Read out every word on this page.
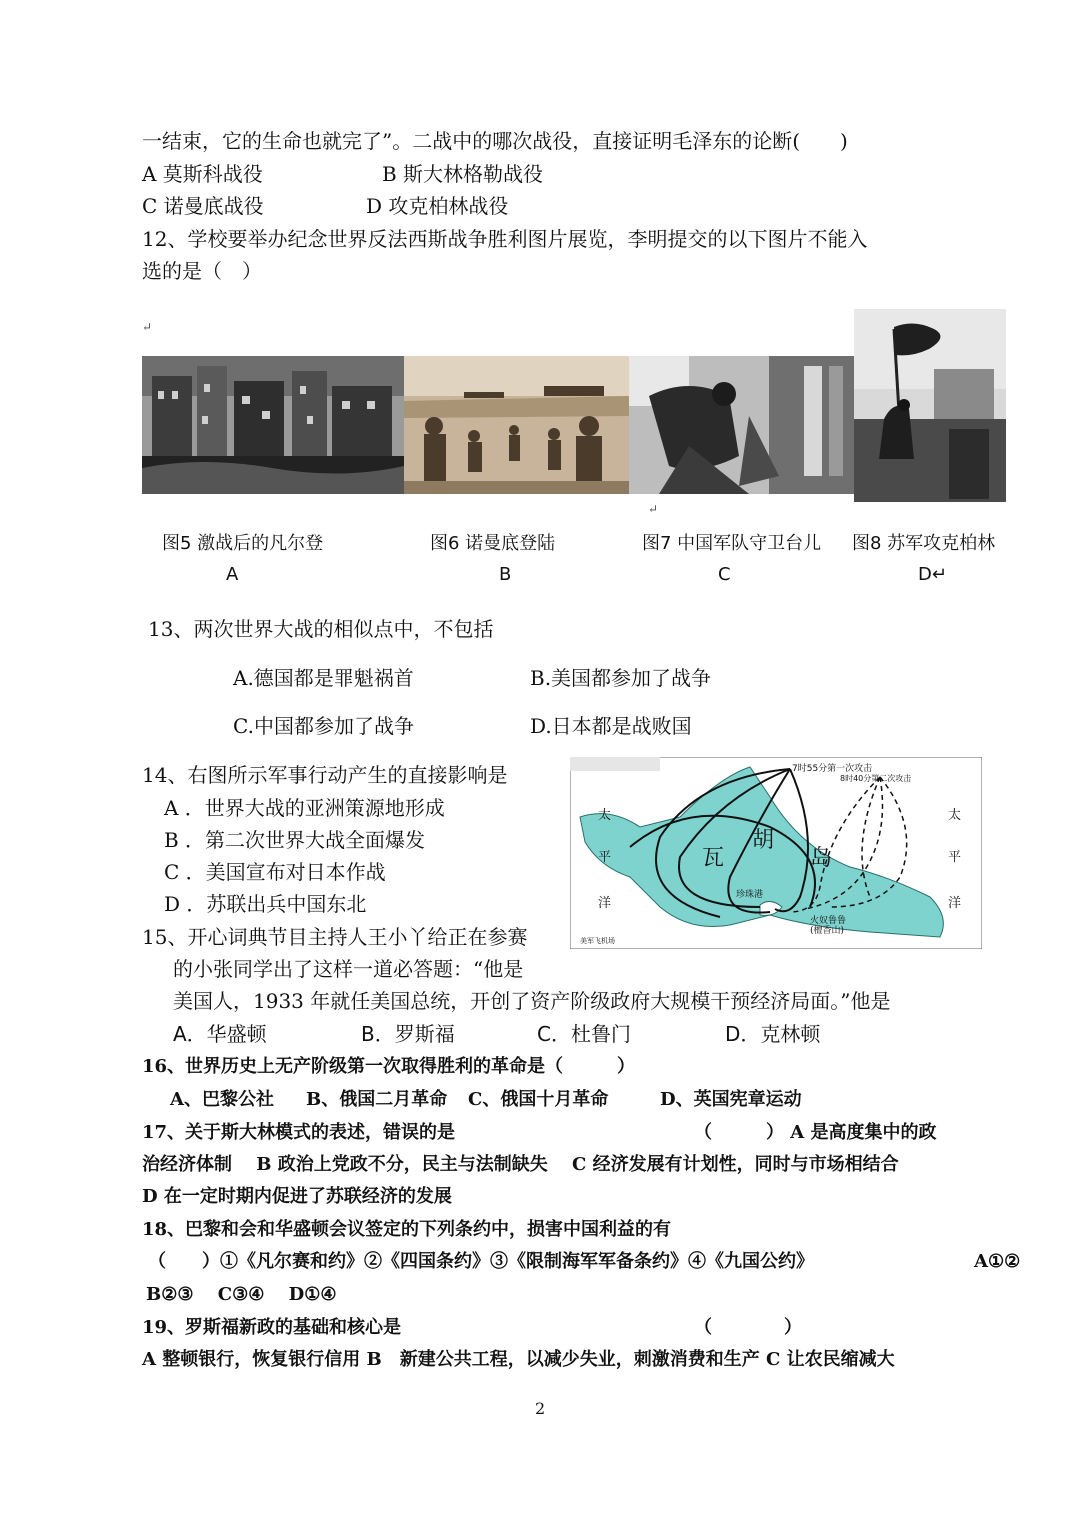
一结束，它的生命也就完了”。二战中的哪次战役，直接证明毛泽东的论断(　　)
A 莫斯科战役	B 斯大林格勒战役
C 诺曼底战役	D 攻克柏林战役
12、学校要举办纪念世界反法西斯战争胜利图片展览，李明提交的以下图片不能入
选的是（　）
↵
↵
图5 激战后的凡尔登	图6 诺曼底登陆	图7 中国军队守卫台儿 图8 苏军攻克柏林
A	B	C	D↵
13、两次世界大战的相似点中，不包括
A.德国都是罪魁祸首	B.美国都参加了战争
C.中国都参加了战争	D.日本都是战败国
14、右图所示军事行动产生的直接影响是
A ．世界大战的亚洲策源地形成
B ．第二次世界大战全面爆发
C ．美国宣布对日本作战
D ．苏联出兵中国东北
太
平
洋
太
平
洋
瓦
胡
岛
珍珠港
7时55分第一次攻击
8时40分第二次攻击
火奴鲁鲁
(檀香山)
美军飞机场
15、开心词典节目主持人王小丫给正在参赛
的小张同学出了这样一道必答题：“他是
美国人，1933 年就任美国总统，开创了资产阶级政府大规模干预经济局面。”他是
A．华盛顿	B．罗斯福	C．杜鲁门	D．克林顿
16、世界历史上无产阶级第一次取得胜利的革命是（　　　）
A、巴黎公社 B、俄国二月革命 C、俄国十月革命	D、英国宪章运动
17、关于斯大林模式的表述，错误的是	（　　　） A 是高度集中的政
治经济体制　 B 政治上党政不分，民主与法制缺失　 C 经济发展有计划性，同时与市场相结合
D 在一定时期内促进了苏联经济的发展
18、巴黎和会和华盛顿会议签定的下列条约中，损害中国利益的有
（　　）①《凡尔赛和约》②《四国条约》③《限制海军军备条约》④《九国公约》	A①②
B②③　 C③④　 D①④
19、罗斯福新政的基础和核心是	（　　　　）
A 整顿银行，恢复银行信用 B　新建公共工程，以减少失业，刺激消费和生产 C 让农民缩减大
2
